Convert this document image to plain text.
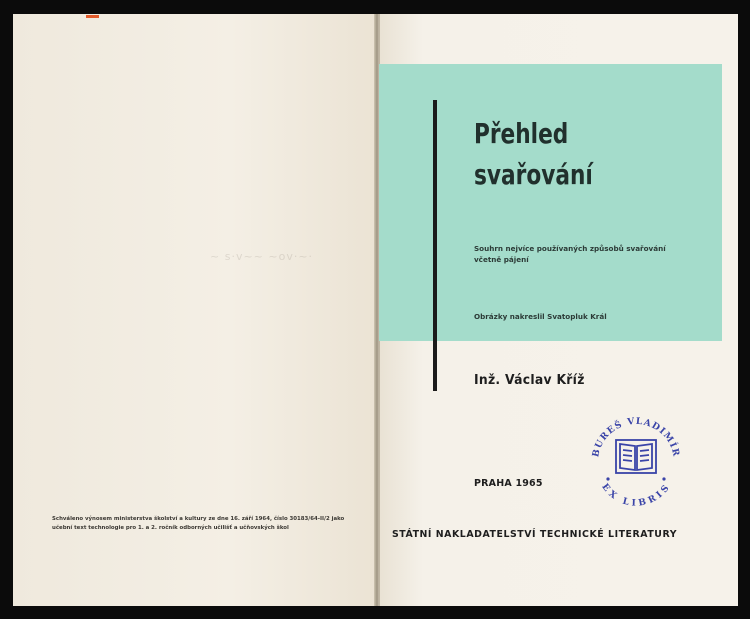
~ s·v~~ ~ov·~·
Schváleno výnosem ministerstva školství a kultury ze dne 16. září 1964, číslo 30183/64-II/2 jako učební text technologie pro 1. a 2. ročník odborných učilišť a učňovských škol
Přehled
svařování
Souhrn nejvíce používaných způsobů svařování včetně pájení
Obrázky nakreslil Svatopluk Král
Inž. Václav Kříž
PRAHA 1965
STÁTNÍ NAKLADATELSTVÍ TECHNICKÉ LITERATURY
BUREŠ VLADIMÍR
EX LIBRIS
